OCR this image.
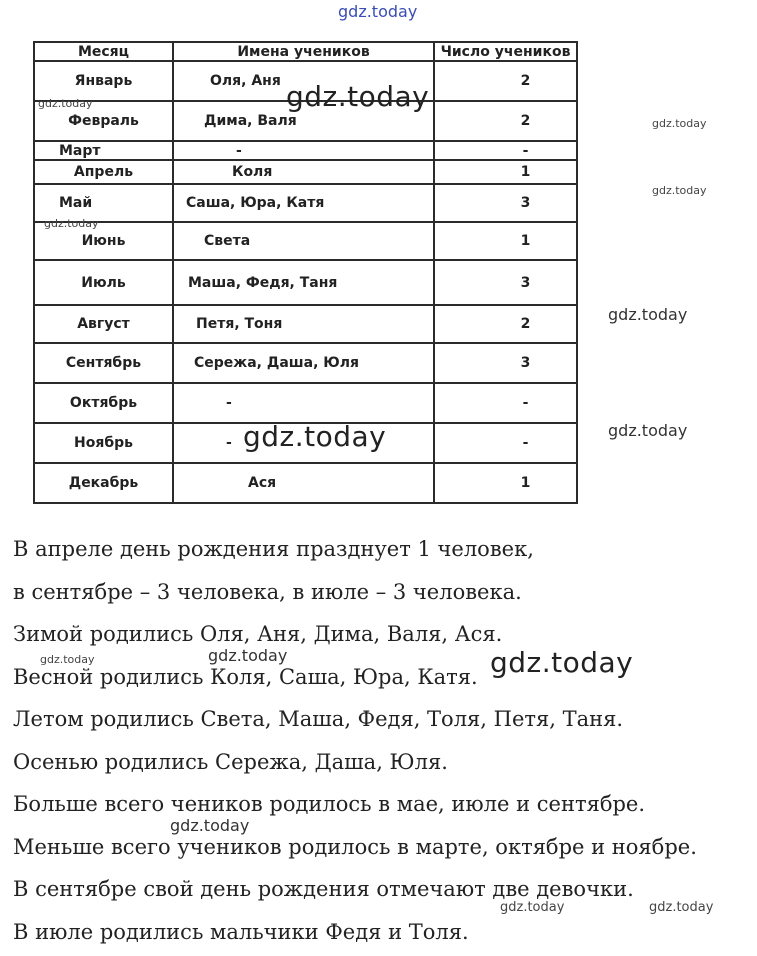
Месяц	Имена учеников	Число учеников
Январь	Оля, Аня	2
Февраль	Дима, Валя	2
Март	-	-
Апрель	Коля	1
Май	Саша, Юра, Катя	3
Июнь	Света	1
Июль	Маша, Федя, Таня	3
Август	Петя, Тоня	2
Сентябрь	Сережа, Даша, Юля	3
Октябрь	-	-
Ноябрь	-	-
Декабрь	Ася	1

В апреле день рождения празднует 1 человек,

в сентябре – 3 человека, в июле – 3 человека.

Зимой родились Оля, Аня, Дима, Валя, Ася.

Весной родились Коля, Саша, Юра, Катя.

Летом родились Света, Маша, Федя, Толя, Петя, Таня.

Осенью родились Сережа, Даша, Юля.

Больше всего чеников родилось в мае, июле и сентябре.

Меньше всего учеников родилось в марте, октябре и ноябре.

В сентябре свой день рождения отмечают две девочки.

В июле родились мальчики Федя и Толя.

gdz.today
gdz.today
gdz.today
gdz.today
gdz.today
gdz.today
gdz.today
gdz.today	gdz.today
gdz.today	gdz.today	gdz.today
gdz.today
gdz.today	gdz.today
